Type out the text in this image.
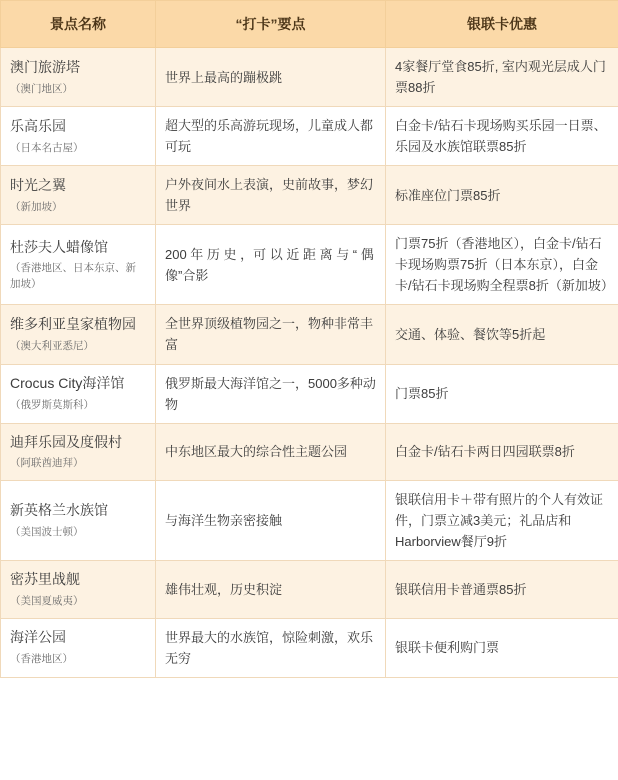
景点名称	“打卡”要点	银联卡优惠

澳门旅游塔
（澳门地区）	世界上最高的蹦极跳	4家餐厅堂食85折, 室内观光层成人门票88折

乐高乐园
（日本名古屋）	超大型的乐高游玩现场，儿童成人都可玩	白金卡/钻石卡现场购买乐园一日票、乐园及水族馆联票85折

时光之翼
（新加坡）	户外夜间水上表演，史前故事，梦幻世界	标准座位门票85折

杜莎夫人蜡像馆
（香港地区、日本东京、新加坡）	200 年 历 史 ，可 以 近 距 离 与 “ 偶像”合影	门票75折（香港地区），白金卡/钻石卡现场购票75折（日本东京），白金卡/钻石卡现场购全程票8折（新加坡）

维多利亚皇家植物园
（澳大利亚悉尼）	全世界顶级植物园之一，物种非常丰富	交通、体验、餐饮等5折起

Crocus City海洋馆
（俄罗斯莫斯科）	俄罗斯最大海洋馆之一，5000多种动物	门票85折

迪拜乐园及度假村
（阿联酋迪拜）	中东地区最大的综合性主题公园	白金卡/钻石卡两日四园联票8折

新英格兰水族馆
（美国波士顿）	与海洋生物亲密接触	银联信用卡＋带有照片的个人有效证件，门票立减3美元；礼品店和Harborview餐厅9折

密苏里战舰
（美国夏威夷）	雄伟壮观，历史积淀	银联信用卡普通票85折

海洋公园
（香港地区）	世界最大的水族馆，惊险刺激，欢乐无穷	银联卡便利购门票
